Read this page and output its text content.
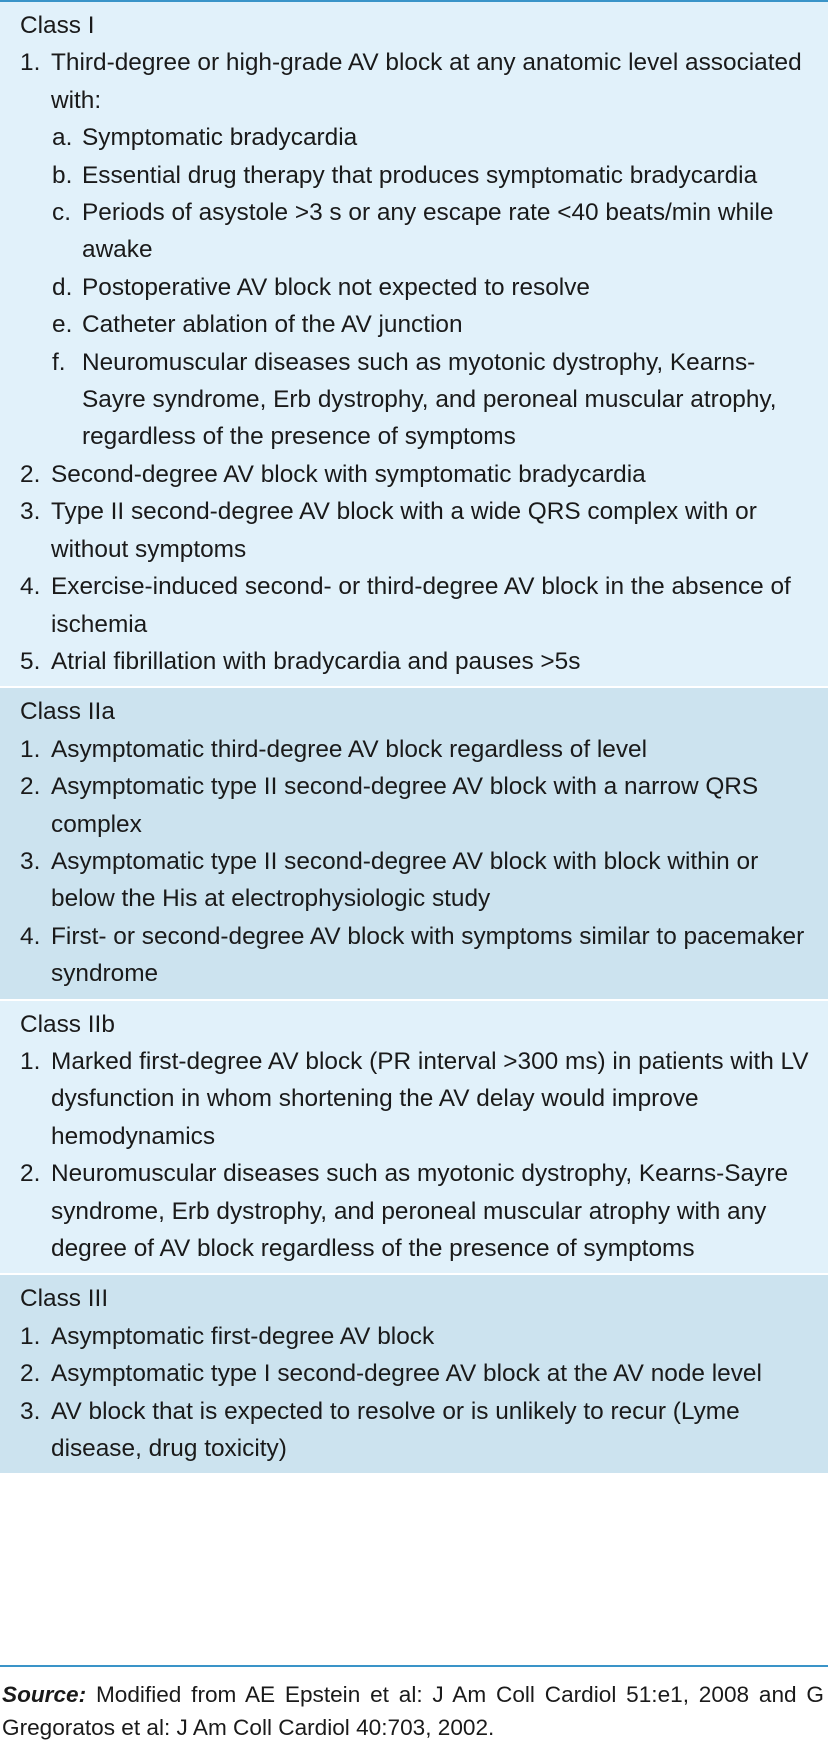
Class I
1. Third-degree or high-grade AV block at any anatomic level associated with:
a. Symptomatic bradycardia
b. Essential drug therapy that produces symptomatic bradycardia
c. Periods of asystole >3 s or any escape rate <40 beats/min while awake
d. Postoperative AV block not expected to resolve
e. Catheter ablation of the AV junction
f. Neuromuscular diseases such as myotonic dystrophy, Kearns-Sayre syndrome, Erb dystrophy, and peroneal muscular atrophy, regardless of the presence of symptoms
2. Second-degree AV block with symptomatic bradycardia
3. Type II second-degree AV block with a wide QRS complex with or without symptoms
4. Exercise-induced second- or third-degree AV block in the absence of ischemia
5. Atrial fibrillation with bradycardia and pauses >5s
Class IIa
1. Asymptomatic third-degree AV block regardless of level
2. Asymptomatic type II second-degree AV block with a narrow QRS complex
3. Asymptomatic type II second-degree AV block with block within or below the His at electrophysiologic study
4. First- or second-degree AV block with symptoms similar to pacemaker syndrome
Class IIb
1. Marked first-degree AV block (PR interval >300 ms) in patients with LV dysfunction in whom shortening the AV delay would improve hemodynamics
2. Neuromuscular diseases such as myotonic dystrophy, Kearns-Sayre syndrome, Erb dystrophy, and peroneal muscular atrophy with any degree of AV block regardless of the presence of symptoms
Class III
1. Asymptomatic first-degree AV block
2. Asymptomatic type I second-degree AV block at the AV node level
3. AV block that is expected to resolve or is unlikely to recur (Lyme disease, drug toxicity)
Source: Modified from AE Epstein et al: J Am Coll Cardiol 51:e1, 2008 and G Gregoratos et al: J Am Coll Cardiol 40:703, 2002.
